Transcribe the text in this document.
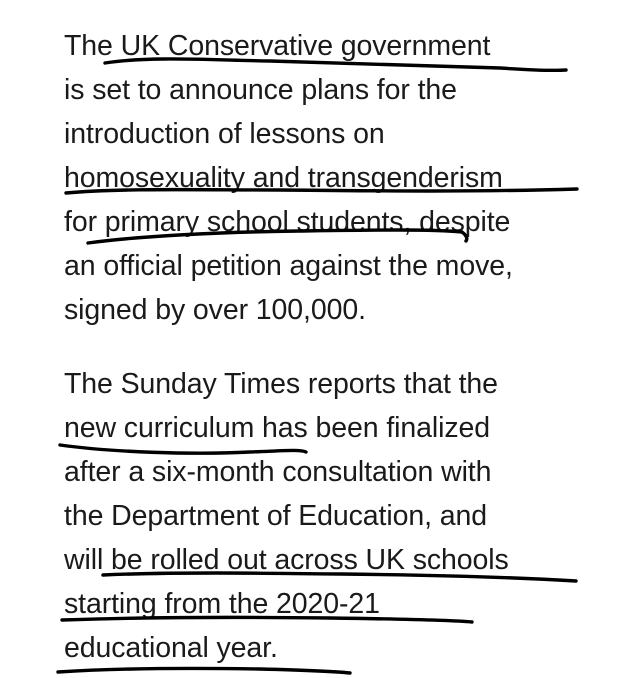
The UK Conservative government
is set to announce plans for the
introduction of lessons on
homosexuality and transgenderism
for primary school students, despite
an official petition against the move,
signed by over 100,000.
The Sunday Times reports that the
new curriculum has been finalized
after a six-month consultation with
the Department of Education, and
will be rolled out across UK schools
starting from the 2020-21
educational year.
